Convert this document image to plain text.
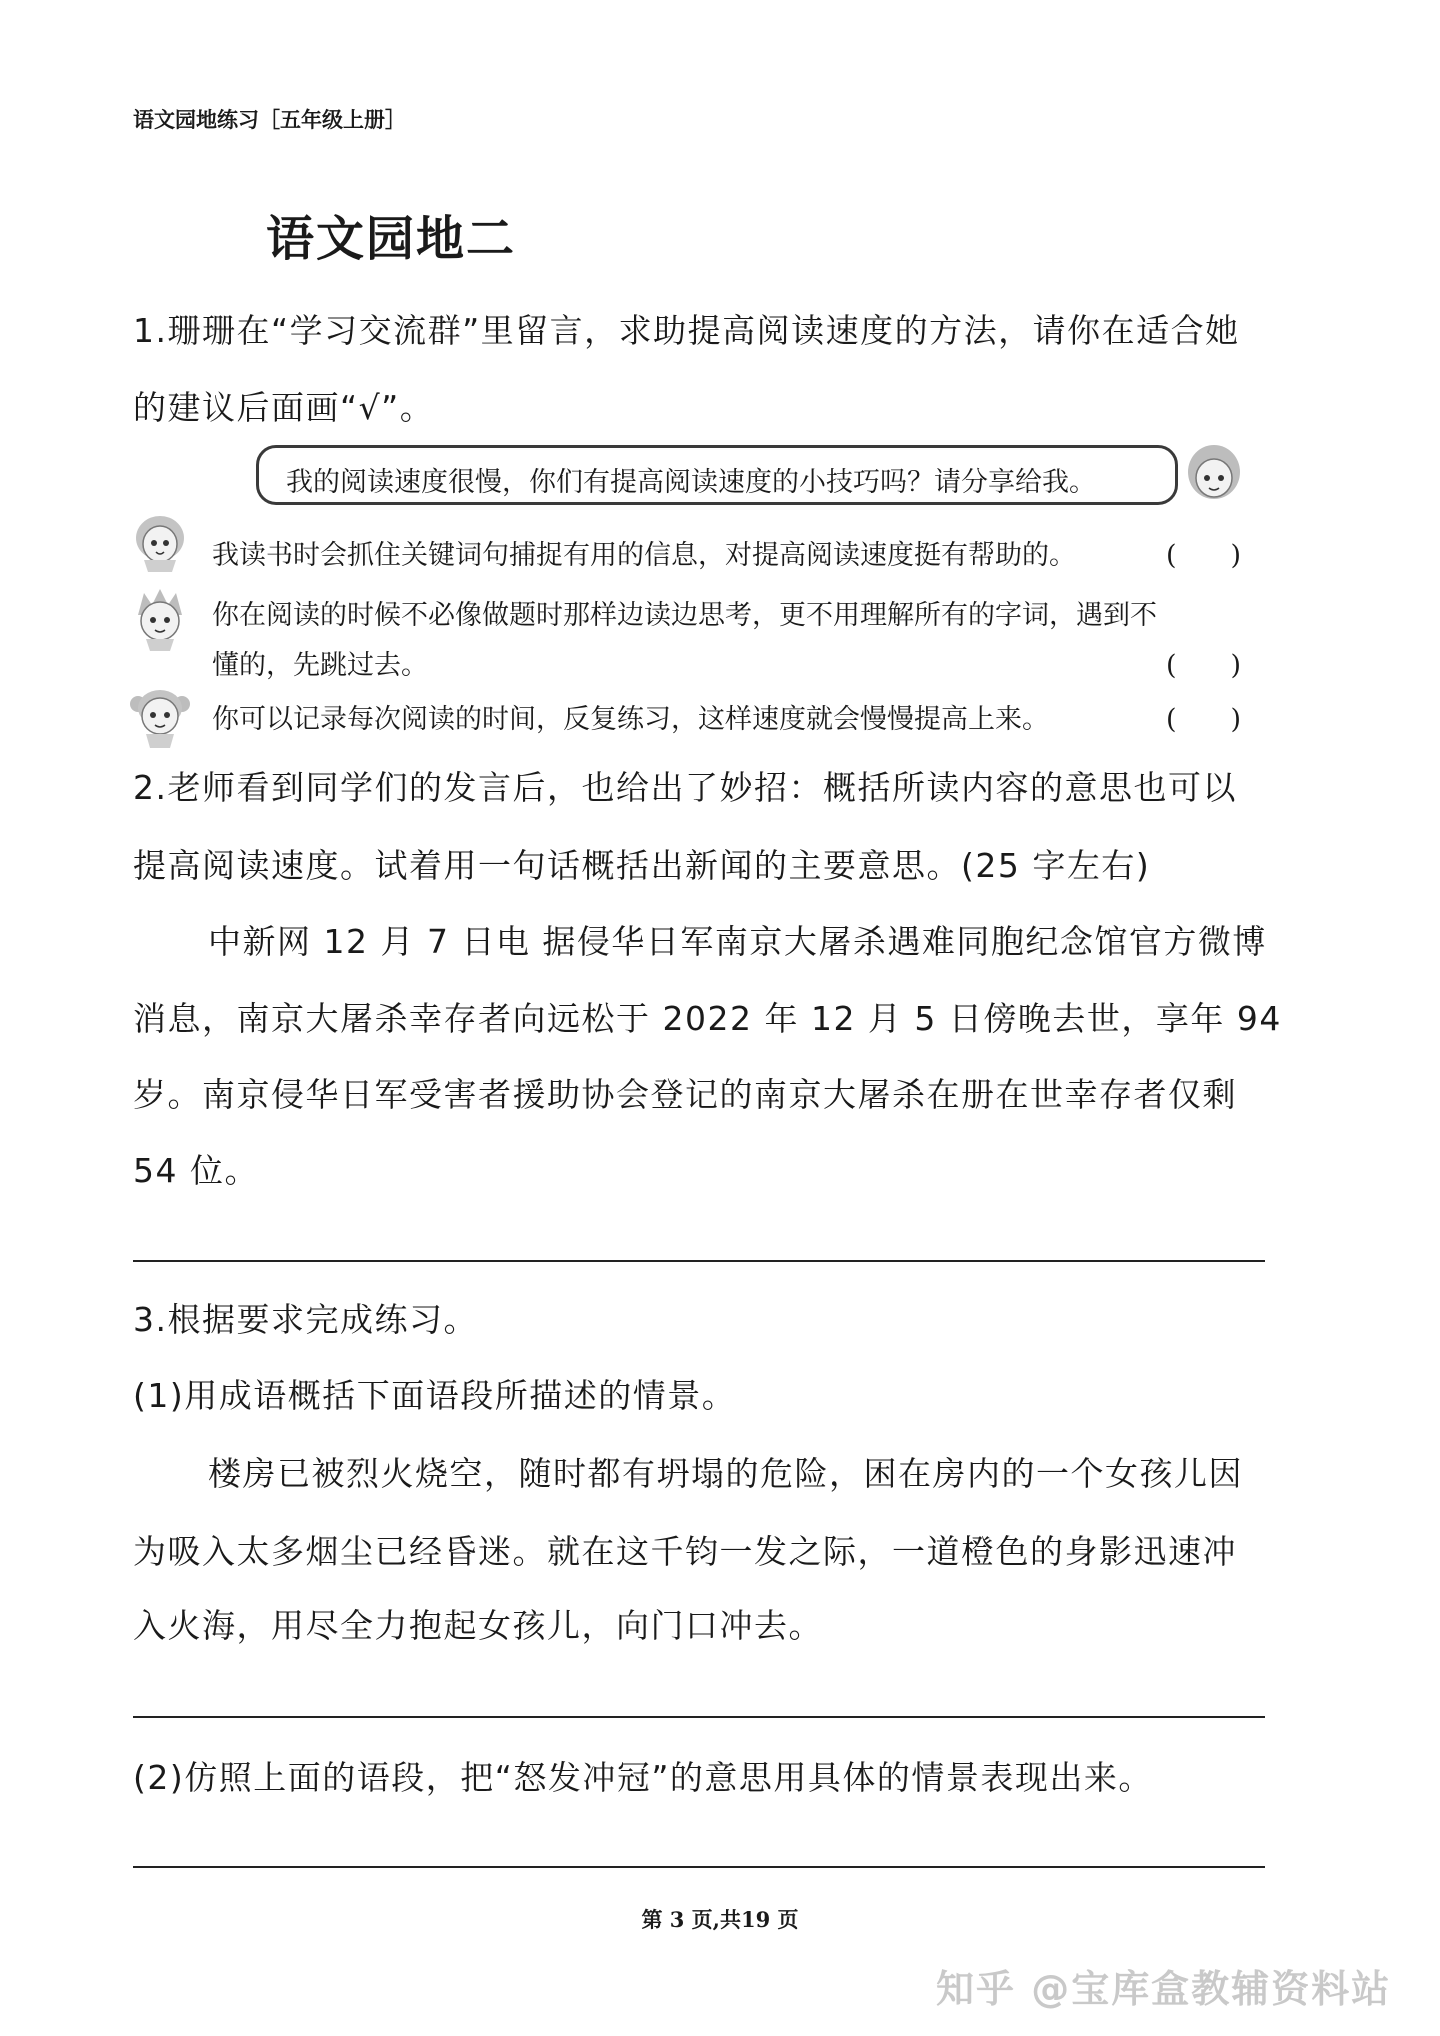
语文园地练习［五年级上册］
语文园地二
1.珊珊在“学习交流群”里留言，求助提高阅读速度的方法，请你在适合她
的建议后面画“√”。
我的阅读速度很慢，你们有提高阅读速度的小技巧吗？请分享给我。
我读书时会抓住关键词句捕捉有用的信息，对提高阅读速度挺有帮助的。	(　　)
你在阅读的时候不必像做题时那样边读边思考，更不用理解所有的字词，遇到不
懂的，先跳过去。	(　　)
你可以记录每次阅读的时间，反复练习，这样速度就会慢慢提高上来。	(　　)
2.老师看到同学们的发言后，也给出了妙招：概括所读内容的意思也可以
提高阅读速度。试着用一句话概括出新闻的主要意思。(25 字左右)
中新网 12 月 7 日电 据侵华日军南京大屠杀遇难同胞纪念馆官方微博
消息，南京大屠杀幸存者向远松于 2022 年 12 月 5 日傍晚去世，享年 94
岁。南京侵华日军受害者援助协会登记的南京大屠杀在册在世幸存者仅剩
54 位。
3.根据要求完成练习。
(1)用成语概括下面语段所描述的情景。
楼房已被烈火烧空，随时都有坍塌的危险，困在房内的一个女孩儿因
为吸入太多烟尘已经昏迷。就在这千钧一发之际，一道橙色的身影迅速冲
入火海，用尽全力抱起女孩儿，向门口冲去。
(2)仿照上面的语段，把“怒发冲冠”的意思用具体的情景表现出来。
第 3 页,共19 页
知乎 @宝库盒教辅资料站
